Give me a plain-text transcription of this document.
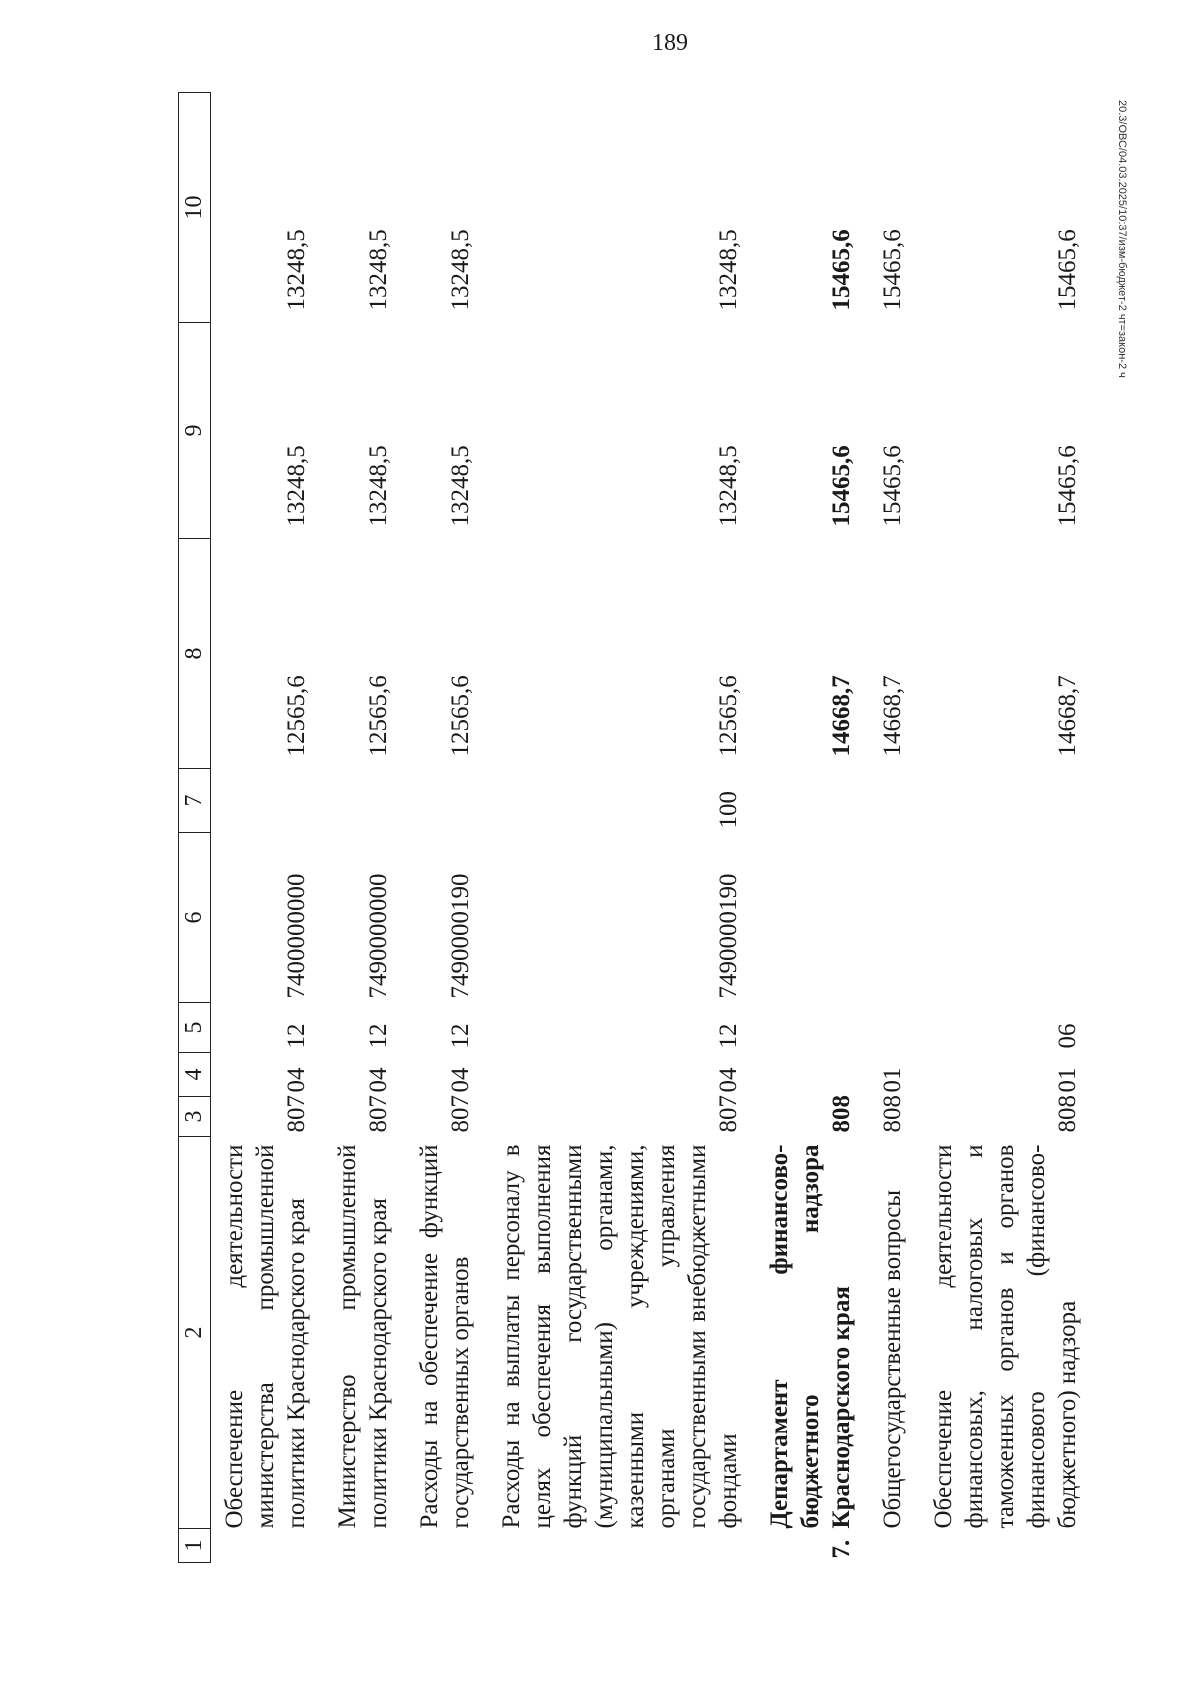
189
20.3/ОВС/04.03.2025/10:37/изм-бюджет-2 чт=закон-2 ч
1	2	3	4	5	6	7	8	9	10
	Обеспечение деятельности министерства промышленной политики Краснодарского края	807	04	12	7400000000		12565,6	13248,5	13248,5
	Министерство промышленной политики Краснодарского края	807	04	12	7490000000		12565,6	13248,5	13248,5
	Расходы на обеспечение функций государственных органов	807	04	12	7490000190		12565,6	13248,5	13248,5
	Расходы на выплаты персоналу в целях обеспечения выполнения функций государственными (муниципальными) органами, казенными учреждениями, органами управления государственными внебюджетными фондами	807	04	12	7490000190	100	12565,6	13248,5	13248,5
7.	Департамент финансово-бюджетного надзора Краснодарского края	808					14668,7	15465,6	15465,6
	Общегосударственные вопросы	808	01				14668,7	15465,6	15465,6
	Обеспечение деятельности финансовых, налоговых и таможенных органов и органов финансового (финансово-бюджетного) надзора	808	01	06			14668,7	15465,6	15465,6
